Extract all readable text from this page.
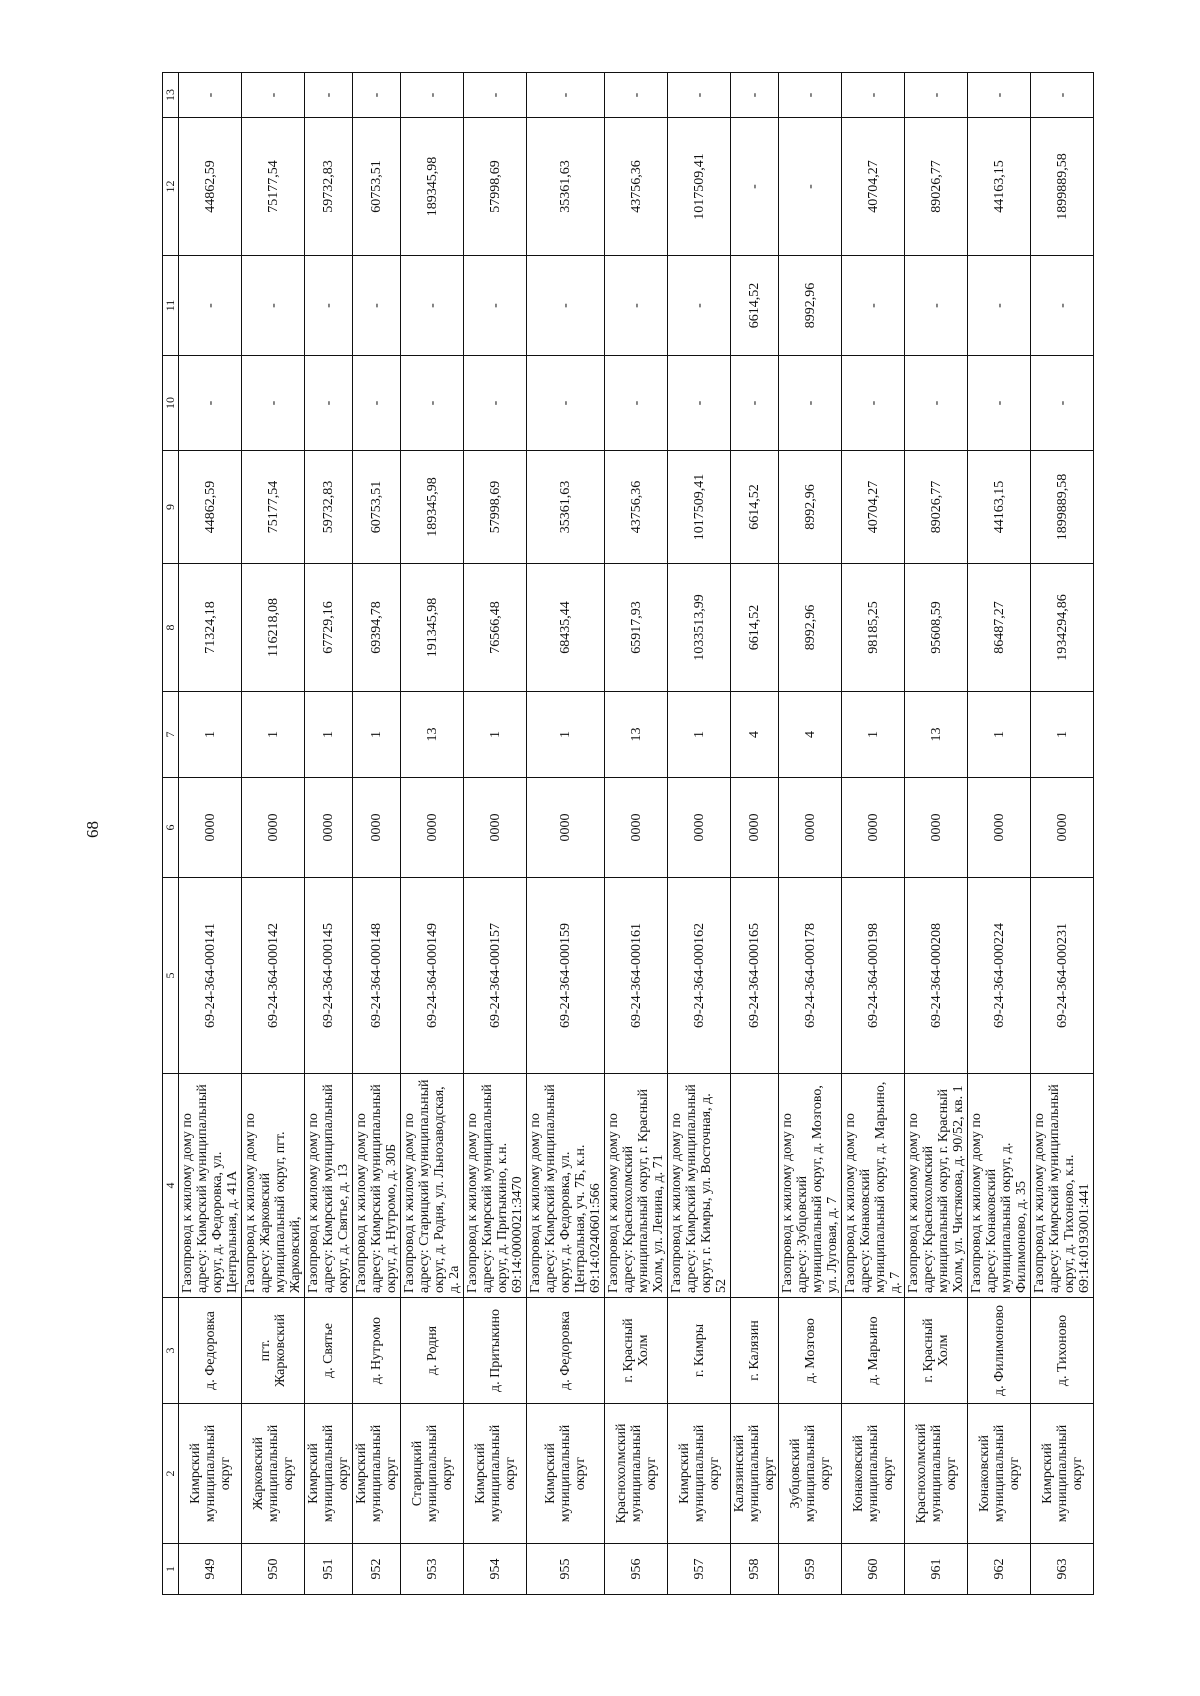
68
1	2	3	4	5	6	7	8	9	10	11	12	13
949	Кимрский муниципальный округ	д. Федоровка	Газопровод к жилому дому по адресу: Кимрский муниципальный округ, д. Федоровка, ул. Центральная, д. 41А	69-24-364-000141	0000	1	71324,18	44862,59	-	-	44862,59	-
950	Жарковский муниципальный округ	пгт. Жарковский	Газопровод к жилому дому по адресу: Жарковский муниципальный округ, пгт. Жарковский,	69-24-364-000142	0000	1	116218,08	75177,54	-	-	75177,54	-
951	Кимрский муниципальный округ	д. Святье	Газопровод к жилому дому по адресу: Кимрский муниципальный округ, д. Святье, д. 13	69-24-364-000145	0000	1	67729,16	59732,83	-	-	59732,83	-
952	Кимрский муниципальный округ	д. Нутромо	Газопровод к жилому дому по адресу: Кимрский муниципальный округ, д. Нутромо, д. 30Б	69-24-364-000148	0000	1	69394,78	60753,51	-	-	60753,51	-
953	Старицкий муниципальный округ	д. Родня	Газопровод к жилому дому по адресу: Старицкий муниципальный округ, д. Родня, ул. Льнозаводская, д. 2а	69-24-364-000149	0000	13	191345,98	189345,98	-	-	189345,98	-
954	Кимрский муниципальный округ	д. Притыкино	Газопровод к жилому дому по адресу: Кимрский муниципальный округ, д. Притыкино, к.н. 69:14:0000021:3470	69-24-364-000157	0000	1	76566,48	57998,69	-	-	57998,69	-
955	Кимрский муниципальный округ	д. Федоровка	Газопровод к жилому дому по адресу: Кимрский муниципальный округ, д. Федоровка, ул. Центральная, уч. 7Б, к.н. 69:14:0240601:566	69-24-364-000159	0000	1	68435,44	35361,63	-	-	35361,63	-
956	Краснохолмский муниципальный округ	г. Красный Холм	Газопровод к жилому дому по адресу: Краснохолмский муниципальный округ, г. Красный Холм, ул. Ленина, д. 71	69-24-364-000161	0000	13	65917,93	43756,36	-	-	43756,36	-
957	Кимрский муниципальный округ	г. Кимры	Газопровод к жилому дому по адресу: Кимрский муниципальный округ, г. Кимры, ул. Восточная, д. 52	69-24-364-000162	0000	1	1033513,99	1017509,41	-	-	1017509,41	-
958	Калязинский муниципальный округ	г. Калязин		69-24-364-000165	0000	4	6614,52	6614,52	-	6614,52	-	-
959	Зубцовский муниципальный округ	д. Мозгово	Газопровод к жилому дому по адресу: Зубцовский муниципальный округ, д. Мозгово, ул. Луговая, д. 7	69-24-364-000178	0000	4	8992,96	8992,96	-	8992,96	-	-
960	Конаковский муниципальный округ	д. Марьино	Газопровод к жилому дому по адресу: Конаковский муниципальный округ, д. Марьино, д. 7	69-24-364-000198	0000	1	98185,25	40704,27	-	-	40704,27	-
961	Краснохолмский муниципальный округ	г. Красный Холм	Газопровод к жилому дому по адресу: Краснохолмский муниципальный округ, г. Красный Холм, ул. Чистякова, д. 90/52, кв. 1	69-24-364-000208	0000	13	95608,59	89026,77	-	-	89026,77	-
962	Конаковский муниципальный округ	д. Филимоново	Газопровод к жилому дому по адресу: Конаковский муниципальный округ, д. Филимоново, д. 35	69-24-364-000224	0000	1	86487,27	44163,15	-	-	44163,15	-
963	Кимрский муниципальный округ	д. Тихоново	Газопровод к жилому дому по адресу: Кимрский муниципальный округ, д. Тихоново, к.н. 69:14:0193001:441	69-24-364-000231	0000	1	1934294,86	1899889,58	-	-	1899889,58	-
